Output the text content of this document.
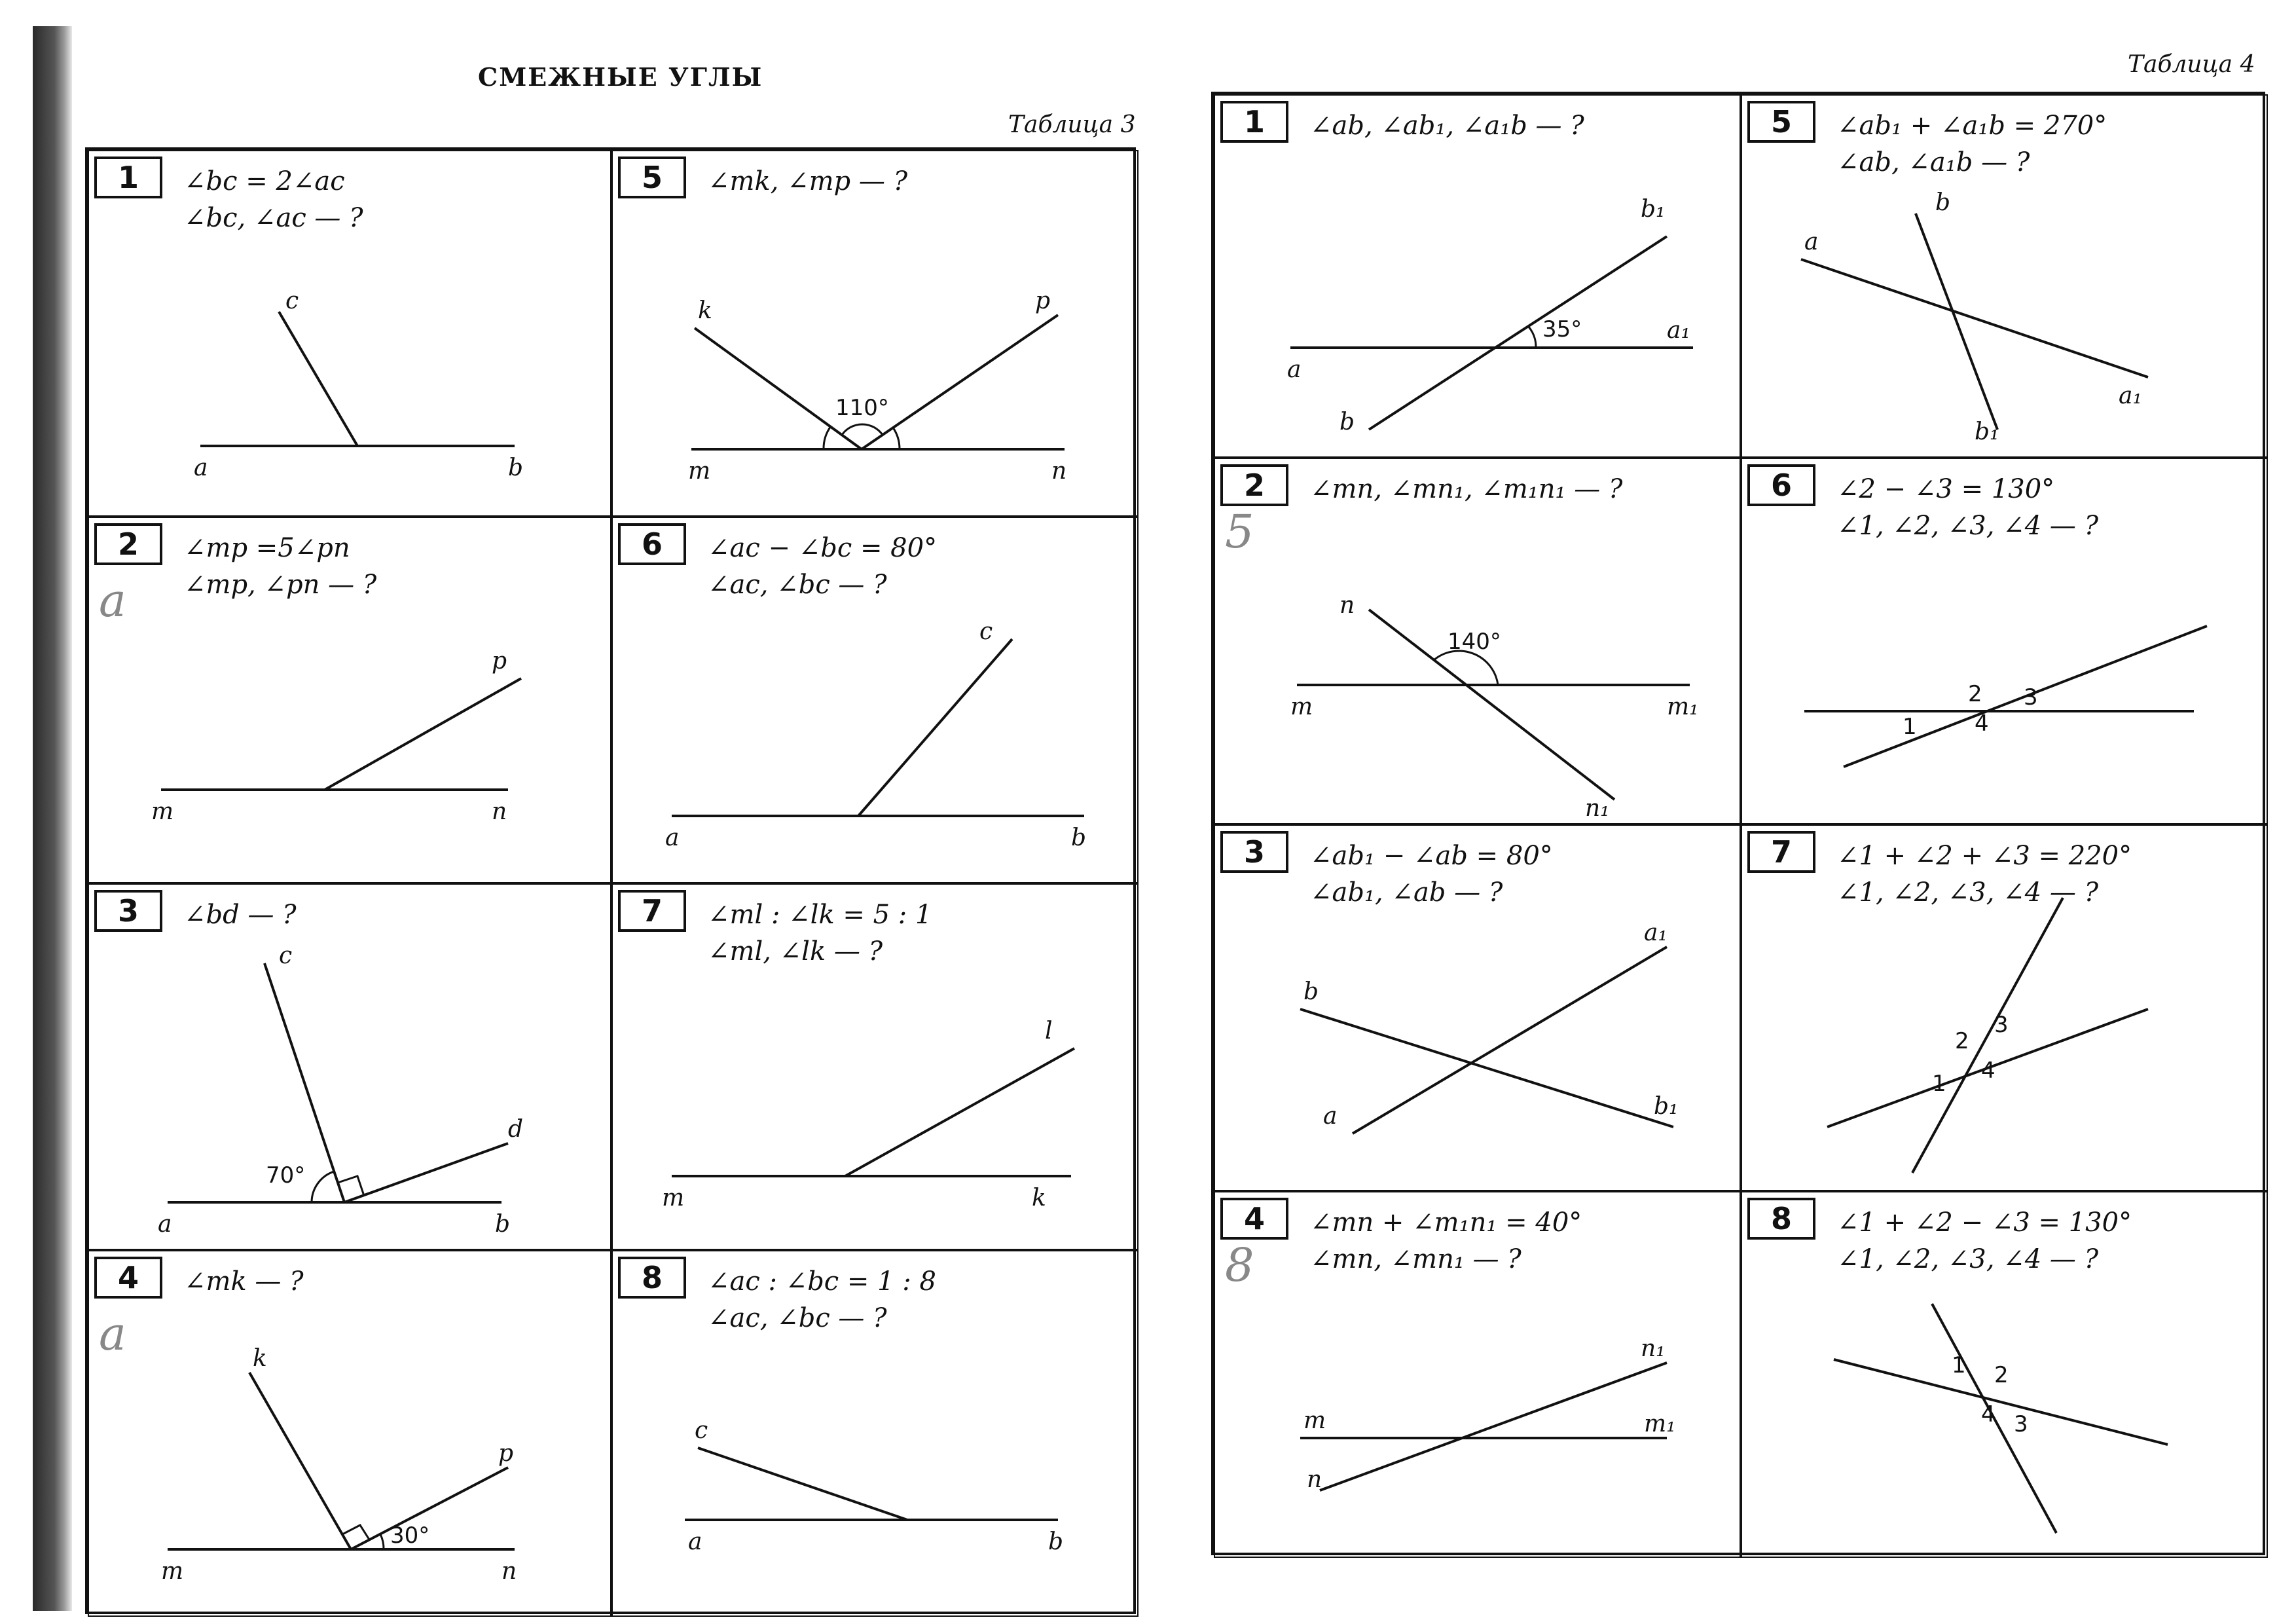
СМЕЖНЫЕ УГЛЫ
Таблица 3
Таблица 4
1	∠bc = 2∠ac
∠bc, ∠ac — ?
c
a	b
5	∠mk, ∠mp — ?
110°
k	p
m	n
2
a
∠mp =5∠pn
∠mp, ∠pn — ?
p
m	n
6	∠ac − ∠bc = 80°
∠ac, ∠bc — ?
c
a	b
3	∠bd — ?
70°
c
d
a	b
7	∠ml : ∠lk = 5 : 1
∠ml, ∠lk — ?
l
m	k
4
a
∠mk — ?
30°
k
p
m	n
8	∠ac : ∠bc = 1 : 8
∠ac, ∠bc — ?
c
a	b
1	∠ab, ∠ab₁, ∠a₁b — ?
35°
b₁
a₁
a
b
5	∠ab₁ + ∠a₁b = 270°
∠ab, ∠a₁b — ?
a
b
a₁
b₁
2
5
∠mn, ∠mn₁, ∠m₁n₁ — ?
140°
n
m	m₁
n₁
6	∠2 − ∠3 = 130°
∠1, ∠2, ∠3, ∠4 — ?
2 3
1	4
3	∠ab₁ − ∠ab = 80°
∠ab₁, ∠ab — ?
a₁
b
a	b₁
7	∠1 + ∠2 + ∠3 = 220°
∠1, ∠2, ∠3, ∠4 — ?
2
3
1 4
4
8
∠mn + ∠m₁n₁ = 40°
∠mn, ∠mn₁ — ?
n₁
m	m₁
n
8	∠1 + ∠2 − ∠3 = 130°
∠1, ∠2, ∠3, ∠4 — ?
1 2
4 3
